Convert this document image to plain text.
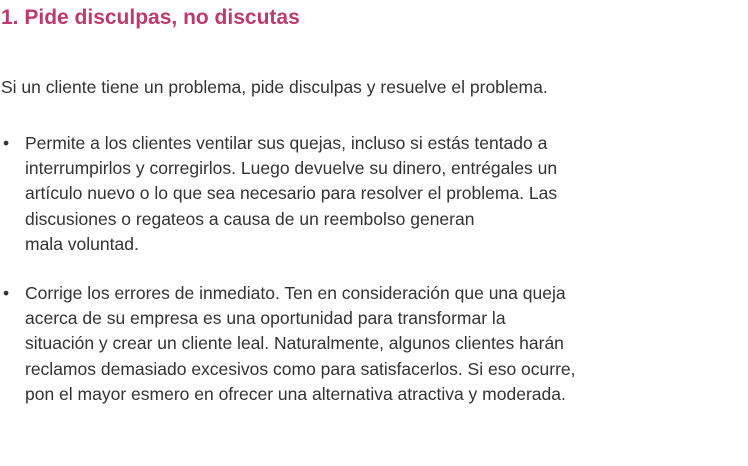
1. Pide disculpas, no discutas

Si un cliente tiene un problema, pide disculpas y resuelve el problema.

• Permite a los clientes ventilar sus quejas, incluso si estás tentado a
interrumpirlos y corregirlos. Luego devuelve su dinero, entrégales un
artículo nuevo o lo que sea necesario para resolver el problema. Las
discusiones o regateos a causa de un reembolso generan
mala voluntad.
• Corrige los errores de inmediato. Ten en consideración que una queja
acerca de su empresa es una oportunidad para transformar la
situación y crear un cliente leal. Naturalmente, algunos clientes harán
reclamos demasiado excesivos como para satisfacerlos. Si eso ocurre,
pon el mayor esmero en ofrecer una alternativa atractiva y moderada.
